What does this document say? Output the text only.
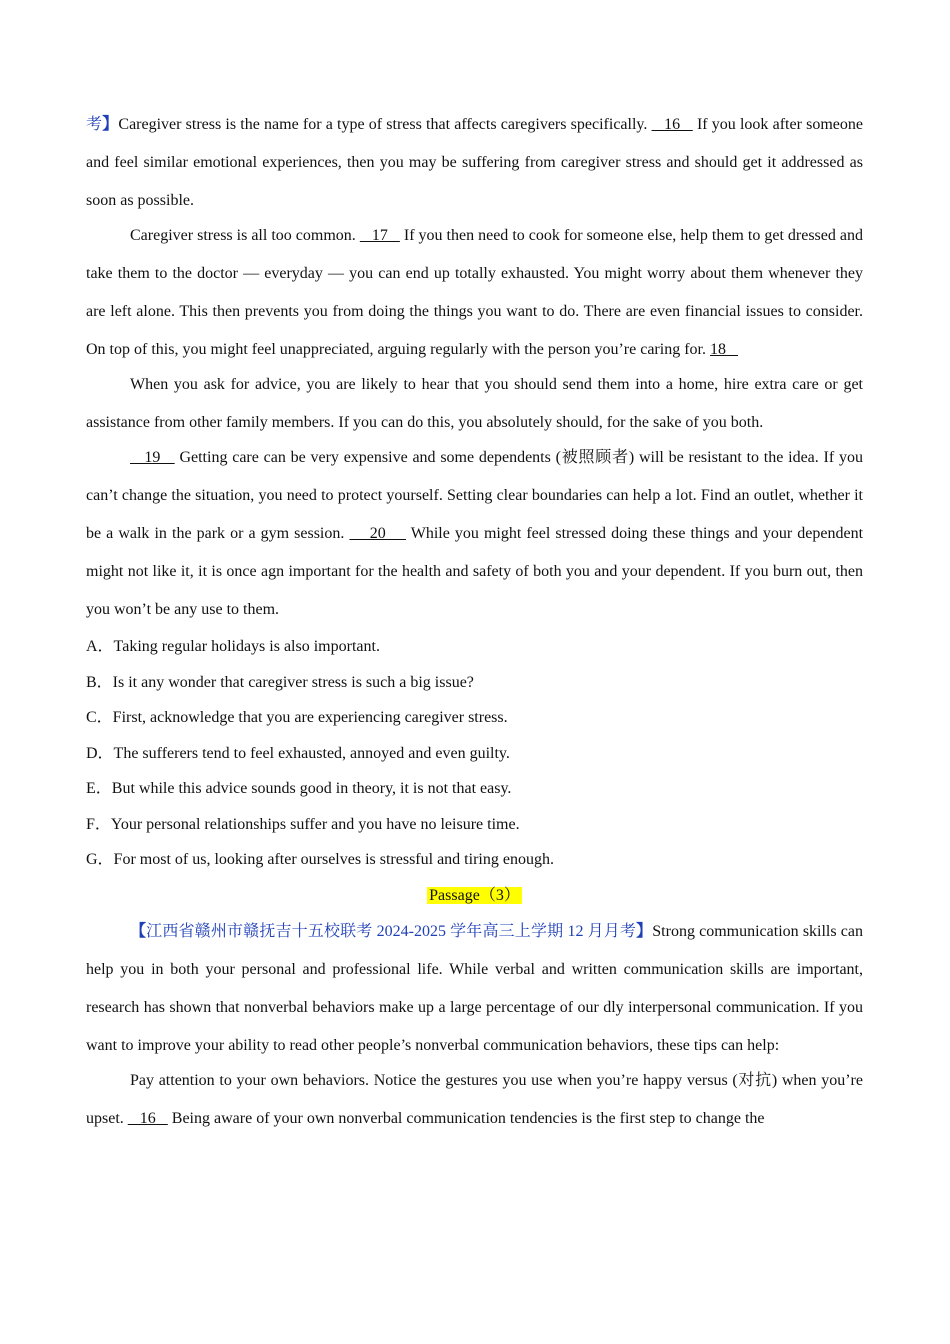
考】Caregiver stress is the name for a type of stress that affects caregivers specifically.    16    If you look after someone and feel similar emotional experiences, then you may be suffering from caregiver stress and should get it addressed as soon as possible.

Caregiver stress is all too common.    17    If you then need to cook for someone else, help them to get dressed and take them to the doctor — everyday — you can end up totally exhausted. You might worry about them whenever they are left alone. This then prevents you from doing the things you want to do. There are even financial issues to consider. On top of this, you might feel unappreciated, arguing regularly with the person you’re caring for. 18

When you ask for advice, you are likely to hear that you should send them into a home, hire extra care or get assistance from other family members. If you can do this, you absolutely should, for the sake of you both.

19    Getting care can be very expensive and some dependents (被照顾者) will be resistant to the idea. If you can’t change the situation, you need to protect yourself. Setting clear boundaries can help a lot. Find an outlet, whether it be a walk in the park or a gym session.     20     While you might feel stressed doing these things and your dependent might not like it, it is once agn important for the health and safety of both you and your dependent. If you burn out, then you won’t be any use to them.

A．Taking regular holidays is also important.

B．Is it any wonder that caregiver stress is such a big issue?

C．First, acknowledge that you are experiencing caregiver stress.

D．The sufferers tend to feel exhausted, annoyed and even guilty.

E．But while this advice sounds good in theory, it is not that easy.

F．Your personal relationships suffer and you have no leisure time.

G．For most of us, looking after ourselves is stressful and tiring enough.

Passage（3）

【江西省赣州市赣抚吉十五校联考 2024-2025 学年高三上学期 12 月月考】Strong communication skills can help you in both your personal and professional life. While verbal and written communication skills are important, research has shown that nonverbal behaviors make up a large percentage of our dly interpersonal communication. If you want to improve your ability to read other people’s nonverbal communication behaviors, these tips can help:

Pay attention to your own behaviors. Notice the gestures you use when you’re happy versus (对抗) when you’re upset.    16    Being aware of your own nonverbal communication tendencies is the first step to change the
